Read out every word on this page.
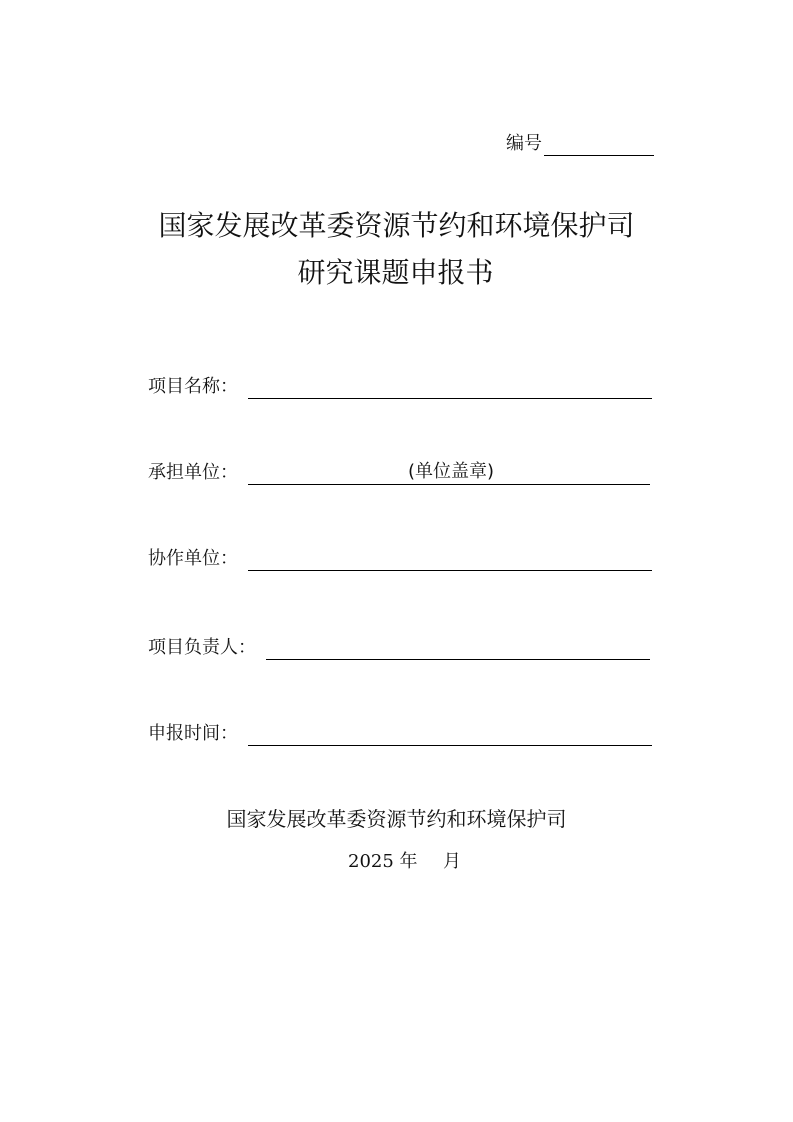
编号
国家发展改革委资源节约和环境保护司
研究课题申报书
项目名称：
承担单位：	(单位盖章)
协作单位：
项目负责人：
申报时间：
国家发展改革委资源节约和环境保护司
2025 年 月
